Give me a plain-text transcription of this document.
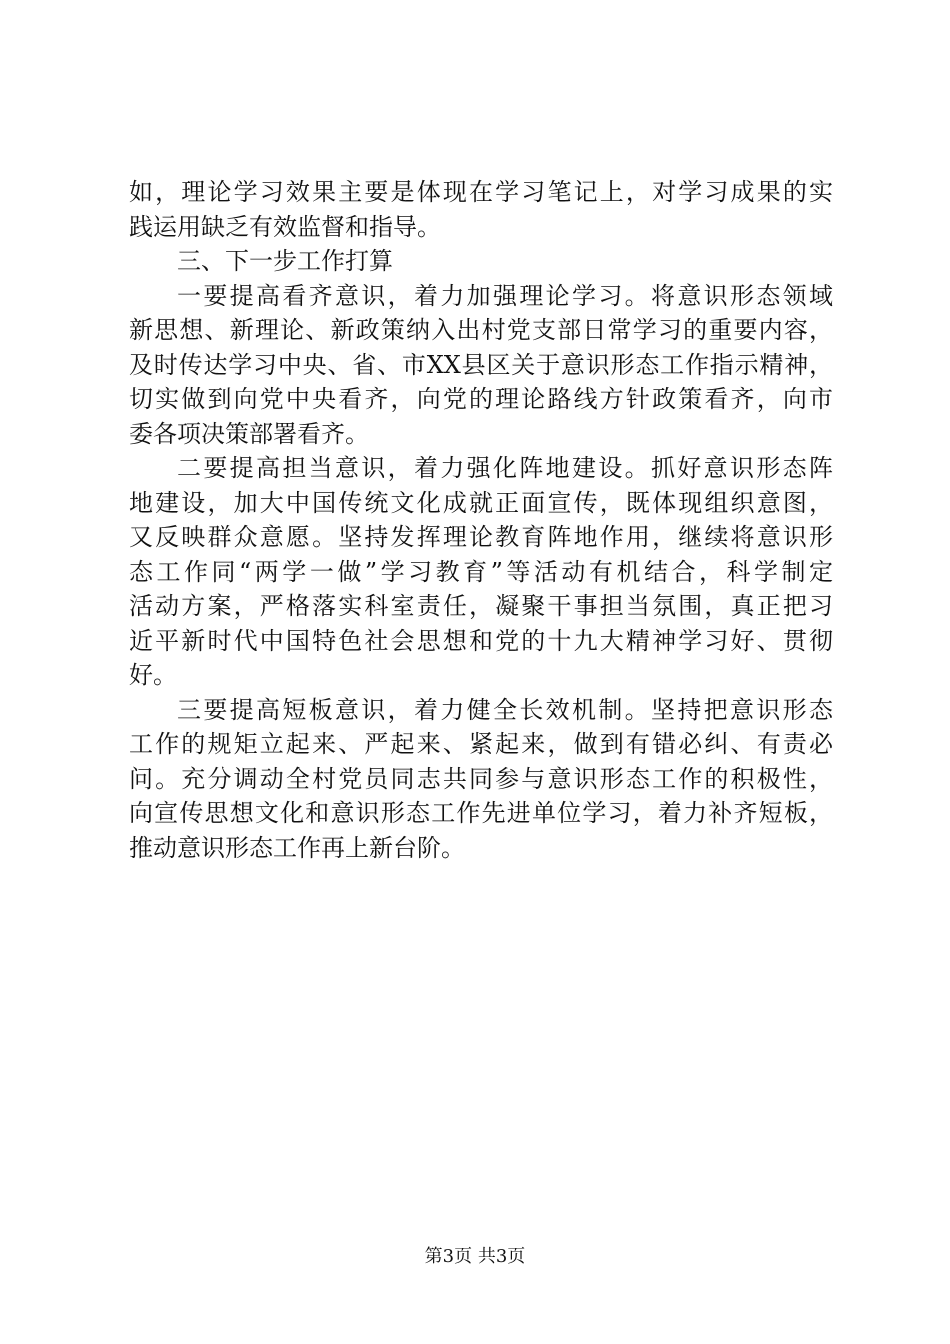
如，理论学习效果主要是体现在学习笔记上，对学习成果的实
践运用缺乏有效监督和指导。
三、下一步工作打算
一要提高看齐意识，着力加强理论学习。将意识形态领域
新思想、新理论、新政策纳入出村党支部日常学习的重要内容，
及时传达学习中央、省、市XX县区关于意识形态工作指示精神，
切实做到向党中央看齐，向党的理论路线方针政策看齐，向市
委各项决策部署看齐。
二要提高担当意识，着力强化阵地建设。抓好意识形态阵
地建设，加大中国传统文化成就正面宣传，既体现组织意图，
又反映群众意愿。坚持发挥理论教育阵地作用，继续将意识形
态工作同“两学一做”学习教育”等活动有机结合，科学制定
活动方案，严格落实科室责任，凝聚干事担当氛围，真正把习
近平新时代中国特色社会思想和党的十九大精神学习好、贯彻
好。
三要提高短板意识，着力健全长效机制。坚持把意识形态
工作的规矩立起来、严起来、紧起来，做到有错必纠、有责必
问。充分调动全村党员同志共同参与意识形态工作的积极性，
向宣传思想文化和意识形态工作先进单位学习，着力补齐短板，
推动意识形态工作再上新台阶。
第3页 共3页
